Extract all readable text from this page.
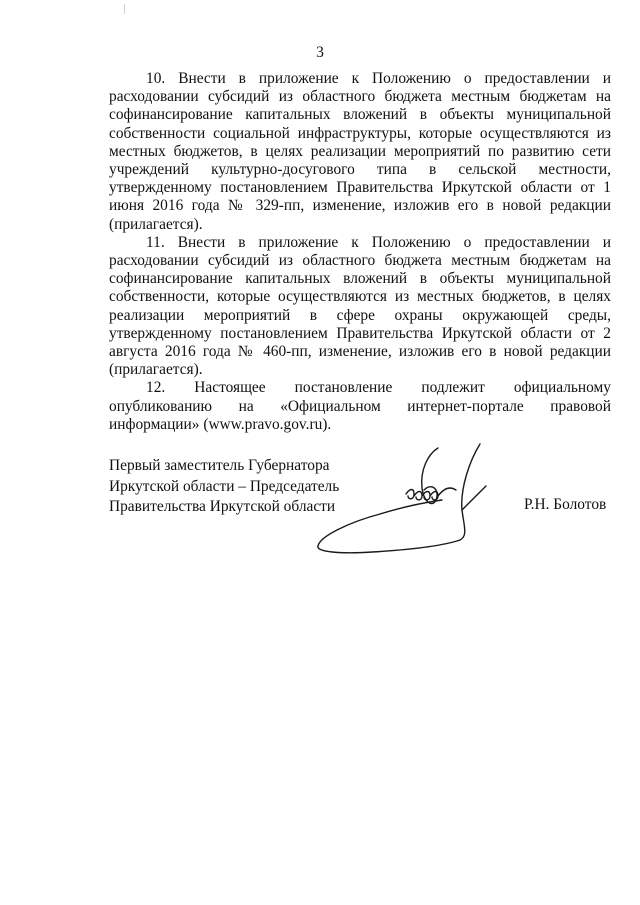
3

10. Внести в приложение к Положению о предоставлении и расходовании субсидий из областного бюджета местным бюджетам на софинансирование капитальных вложений в объекты муниципальной собственности социальной инфраструктуры, которые осуществляются из местных бюджетов, в целях реализации мероприятий по развитию сети учреждений культурно-досугового типа в сельской местности, утвержденному постановлением Правительства Иркутской области от 1 июня 2016 года № 329-пп, изменение, изложив его в новой редакции (прилагается).

11. Внести в приложение к Положению о предоставлении и расходовании субсидий из областного бюджета местным бюджетам на софинансирование капитальных вложений в объекты муниципальной собственности, которые осуществляются из местных бюджетов, в целях реализации мероприятий в сфере охраны окружающей среды, утвержденному постановлением Правительства Иркутской области от 2 августа 2016 года № 460-пп, изменение, изложив его в новой редакции (прилагается).

12. Настоящее постановление подлежит официальному опубликованию на «Официальном интернет-портале правовой информации» (www.pravo.gov.ru).

Первый заместитель Губернатора
Иркутской области – Председатель
Правительства Иркутской области	Р.Н. Болотов
